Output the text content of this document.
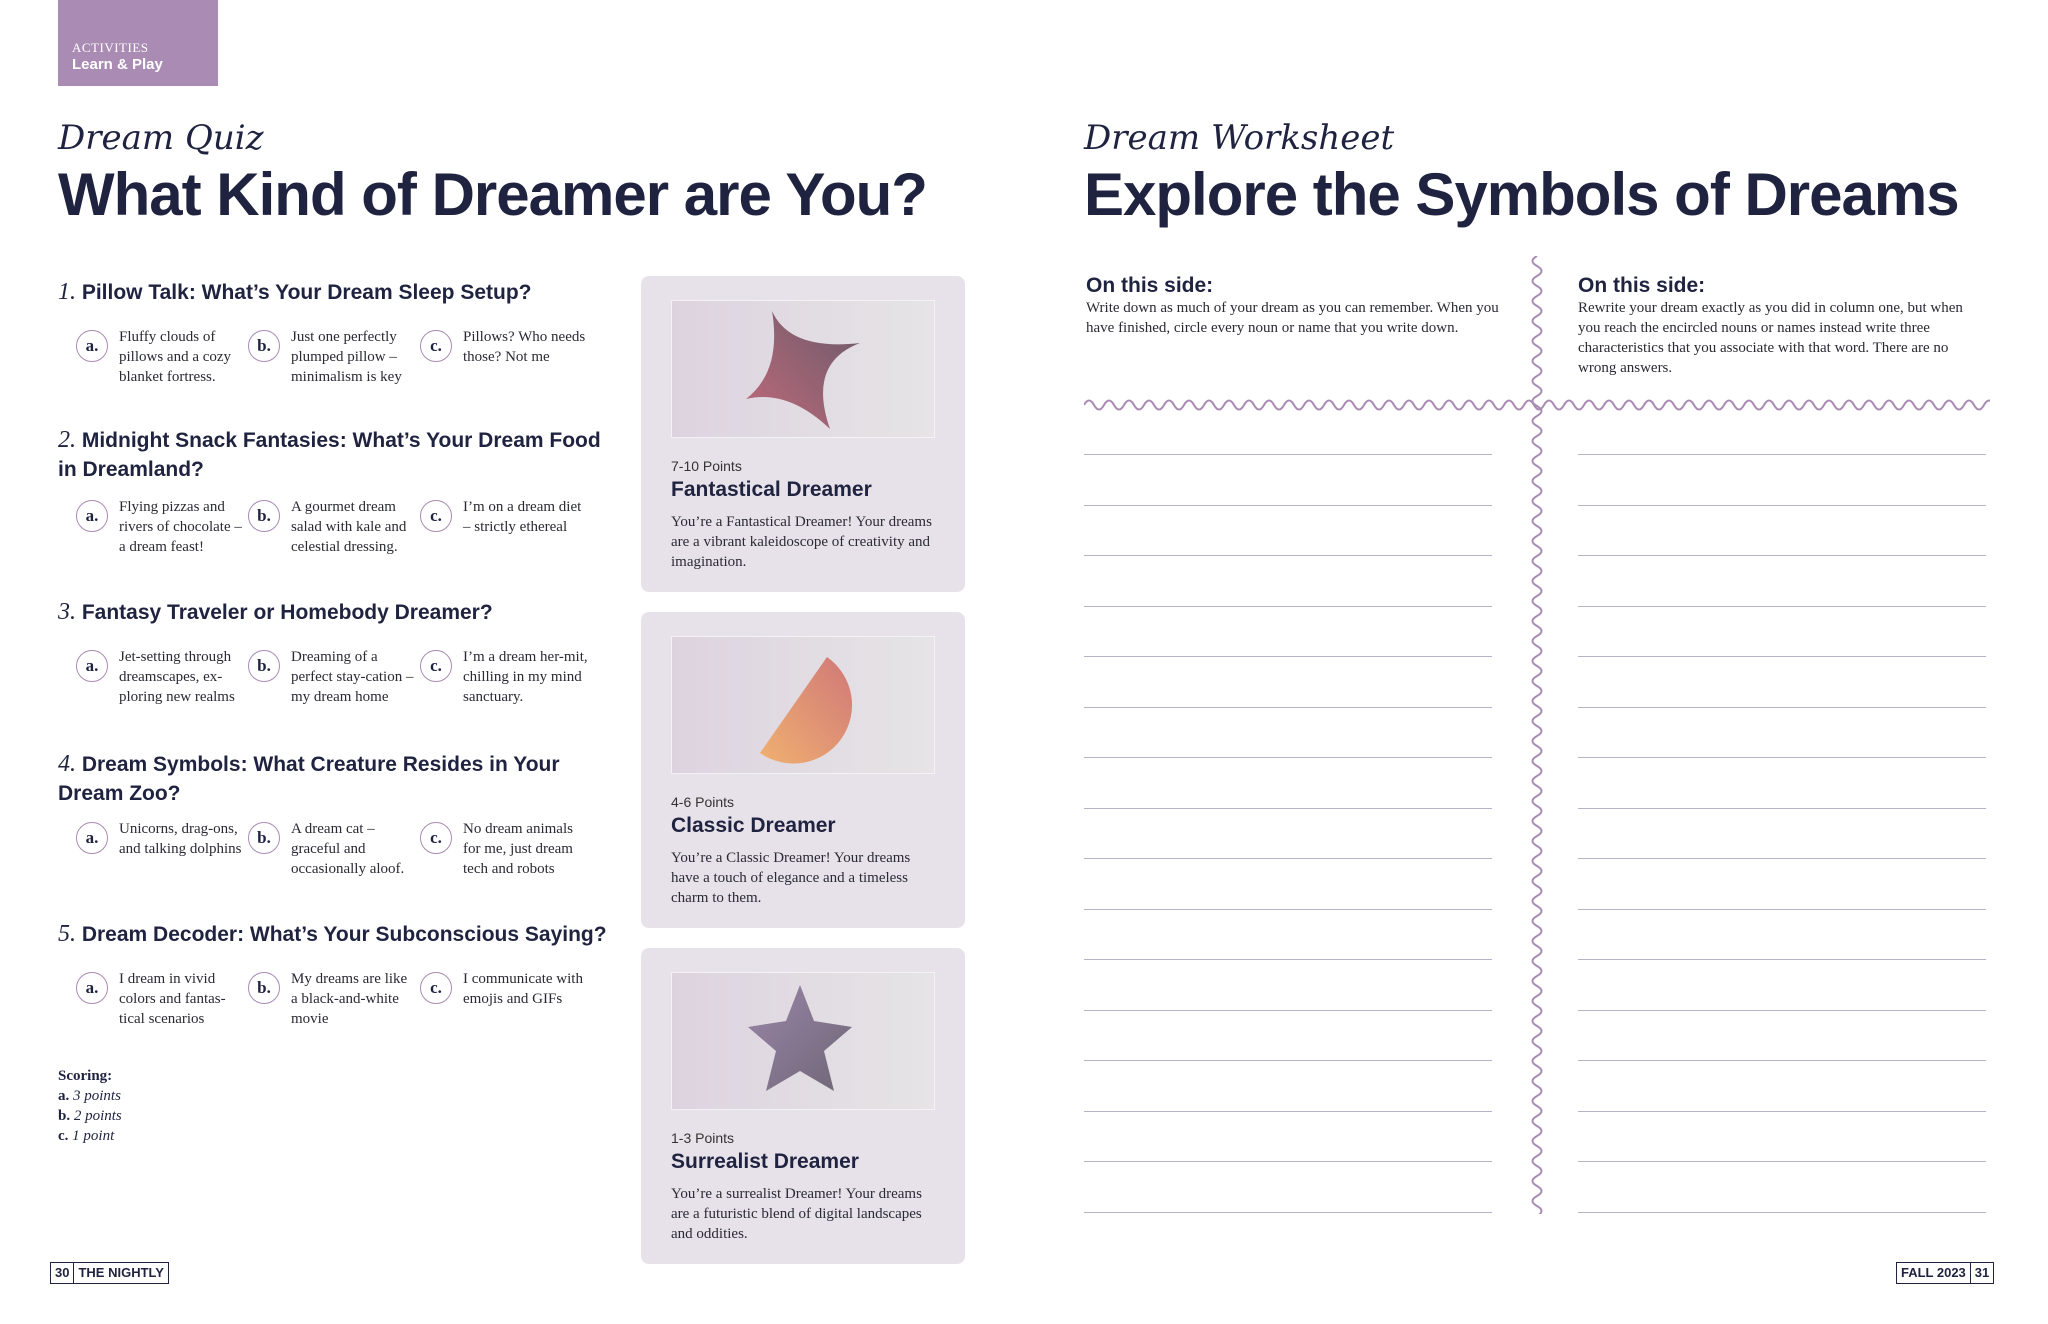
ACTIVITIES
Learn & Play
Dream Quiz
What Kind of Dreamer are You?
1. Pillow Talk: What’s Your Dream Sleep Setup?
a.	Fluffy clouds of pillows and a cozy blanket fortress.
b.	Just one perfectly plumped pillow – minimalism is key
c.	Pillows? Who needs those? Not me
2. Midnight Snack Fantasies: What’s Your Dream Food in Dreamland?
a.	Flying pizzas and rivers of chocolate –a dream feast!
b.	A gourmet dream salad with kale and celestial dressing.
c.	I’m on a dream diet – strictly ethereal
3. Fantasy Traveler or Homebody Dreamer?
a.	Jet-setting through dreamscapes, ex-ploring new realms
b.	Dreaming of a perfect stay-cation – my dream home
c.	I’m a dream her-mit, chilling in my mind sanctuary.
4. Dream Symbols: What Creature Resides in Your Dream Zoo?
a.	Unicorns, drag-ons, and talking dolphins
b.	A dream cat – graceful and occasionally aloof.
c.	No dream animals for me, just dream tech and robots
5. Dream Decoder: What’s Your Subconscious Saying?
a.	I dream in vivid colors and fantas-tical scenarios
b.	My dreams are like a black-and-white movie
c.	I communicate with emojis and GIFs
Scoring:
a. 3 points
b. 2 points
c. 1 point
7-10 Points
Fantastical Dreamer
You’re a Fantastical Dreamer! Your dreams are a vibrant kaleidoscope of creativity and imagination.
4-6 Points
Classic Dreamer
You’re a Classic Dreamer! Your dreams have a touch of elegance and a timeless charm to them.
1-3 Points
Surrealist Dreamer
You’re a surrealist Dreamer! Your dreams are a futuristic blend of digital landscapes and oddities.
30 THE NIGHTLY
Dream Worksheet
Explore the Symbols of Dreams
On this side:
Write down as much of your dream as you can remember. When you have finished, circle every noun or name that you write down.
On this side:
Rewrite your dream exactly as you did in column one, but when you reach the encircled nouns or names instead write three characteristics that you associate with that word. There are no wrong answers.
FALL 2023 31
